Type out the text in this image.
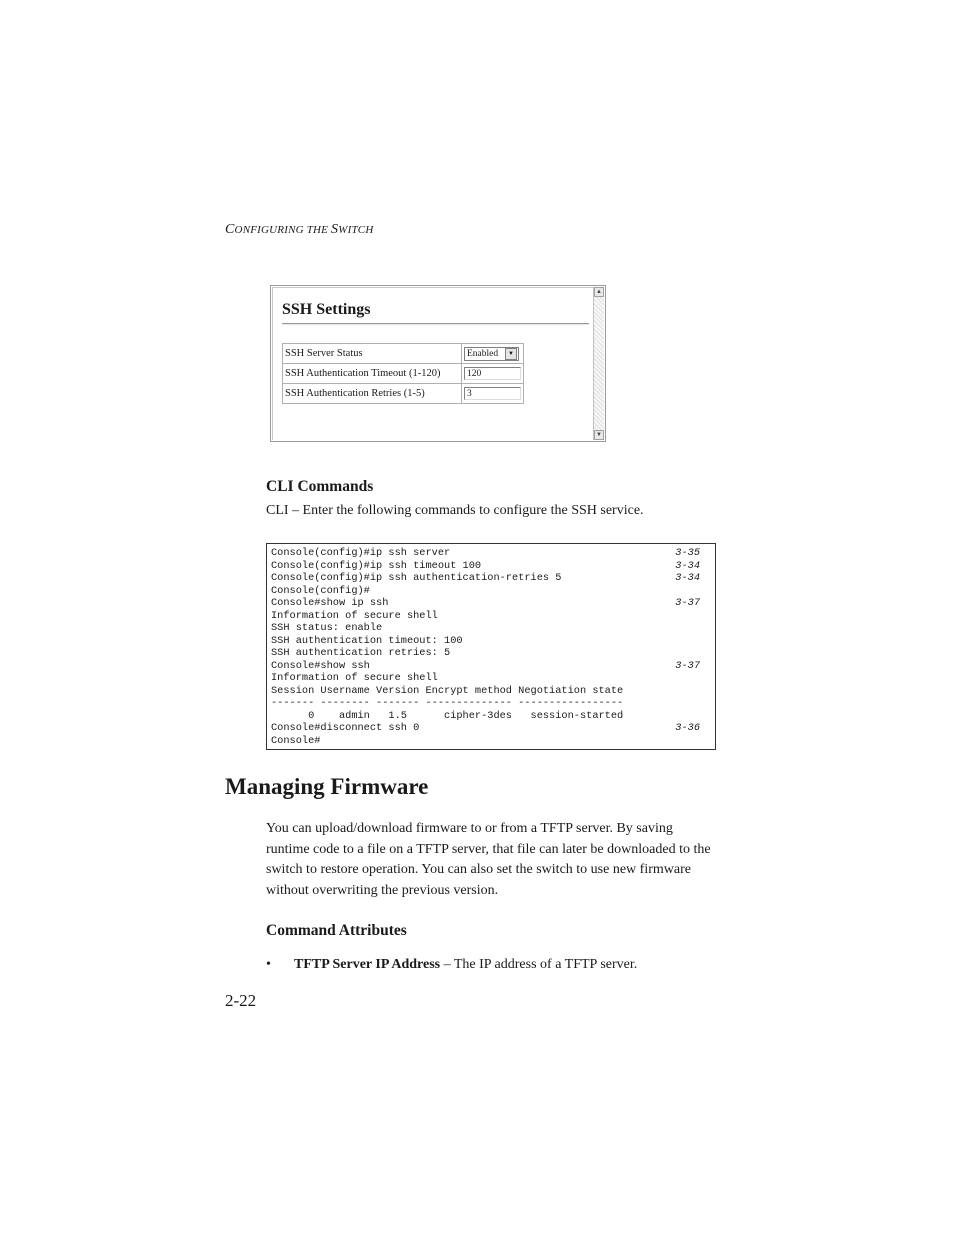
CONFIGURING THE SWITCH
SSH Settings
SSH Server Status	Enabled ▼

SSH Authentication Timeout (1-120)	120

SSH Authentication Retries (1-5)	3
▲
▼
CLI Commands
CLI – Enter the following commands to configure the SSH service.
Console(config)#ip ssh server	3-35
Console(config)#ip ssh timeout 100	3-34
Console(config)#ip ssh authentication-retries 5	3-34
Console(config)#
Console#show ip ssh	3-37
Information of secure shell
SSH status: enable
SSH authentication timeout: 100
SSH authentication retries: 5
Console#show ssh	3-37
Information of secure shell
Session Username Version Encrypt method Negotiation state
------- -------- ------- -------------- -----------------
0    admin   1.5      cipher-3des   session-started
Console#disconnect ssh 0	3-36
Console#
Managing Firmware
You can upload/download firmware to or from a TFTP server. By saving runtime code to a file on a TFTP server, that file can later be downloaded to the switch to restore operation. You can also set the switch to use new firmware without overwriting the previous version.
Command Attributes
• TFTP Server IP Address – The IP address of a TFTP server.
2-22
